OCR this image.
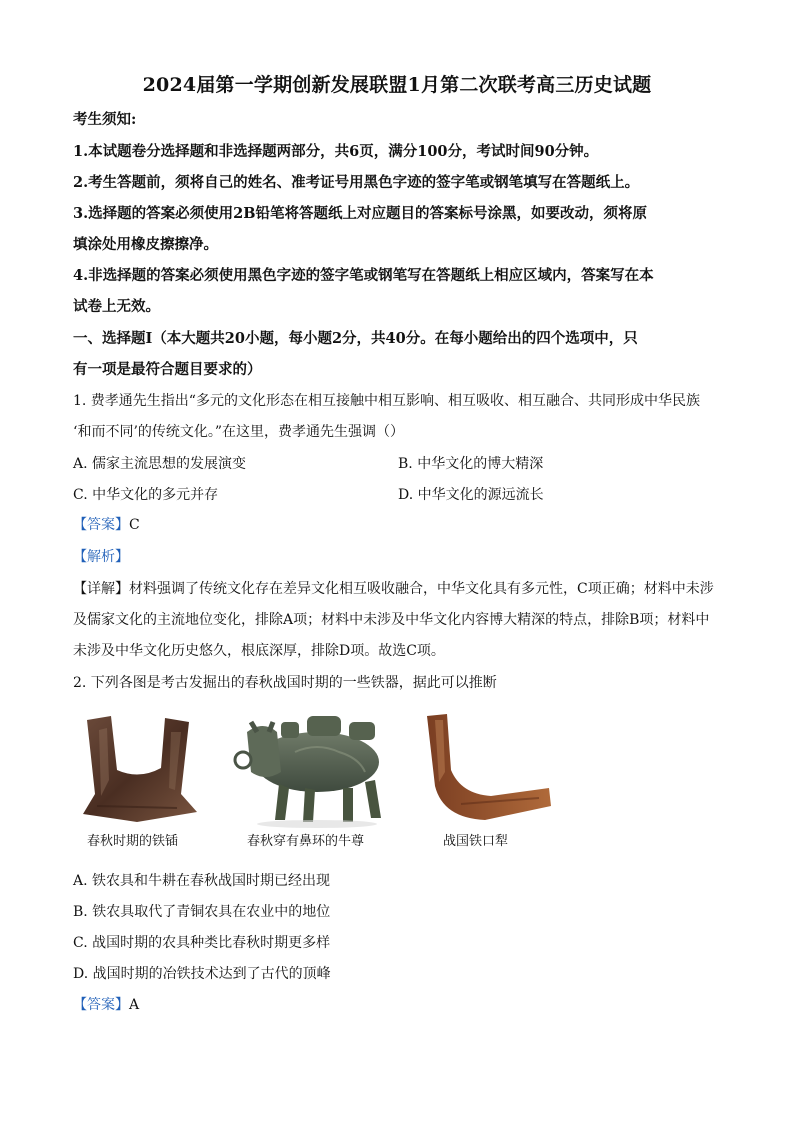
2024届第一学期创新发展联盟1月第二次联考高三历史试题
考生须知:
1.本试题卷分选择题和非选择题两部分，共6页，满分100分，考试时间90分钟。
2.考生答题前，须将自己的姓名、准考证号用黑色字迹的签字笔或钢笔填写在答题纸上。
3.选择题的答案必须使用2B铅笔将答题纸上对应题目的答案标号涂黑，如要改动，须将原
填涂处用橡皮擦擦净。
4.非选择题的答案必须使用黑色字迹的签字笔或钢笔写在答题纸上相应区域内，答案写在本
试卷上无效。
一、选择题Ⅰ（本大题共20小题，每小题2分，共40分。在每小题给出的四个选项中，只
有一项是最符合题目要求的）
1. 费孝通先生指出“多元的文化形态在相互接触中相互影响、相互吸收、相互融合、共同形成中华民族
‘和而不同’的传统文化。”在这里，费孝通先生强调（）
A. 儒家主流思想的发展演变	B. 中华文化的博大精深
C. 中华文化的多元并存	D. 中华文化的源远流长
【答案】C
【解析】
【详解】材料强调了传统文化存在差异文化相互吸收融合，中华文化具有多元性，C项正确；材料中未涉
及儒家文化的主流地位变化，排除A项；材料中未涉及中华文化内容博大精深的特点，排除B项；材料中
未涉及中华文化历史悠久，根底深厚，排除D项。故选C项。
2. 下列各图是考古发掘出的春秋战国时期的一些铁器，据此可以推断
春秋时期的铁锸	春秋穿有鼻环的牛尊	战国铁口犁
A. 铁农具和牛耕在春秋战国时期已经出现
B. 铁农具取代了青铜农具在农业中的地位
C. 战国时期的农具种类比春秋时期更多样
D. 战国时期的冶铁技术达到了古代的顶峰
【答案】A
